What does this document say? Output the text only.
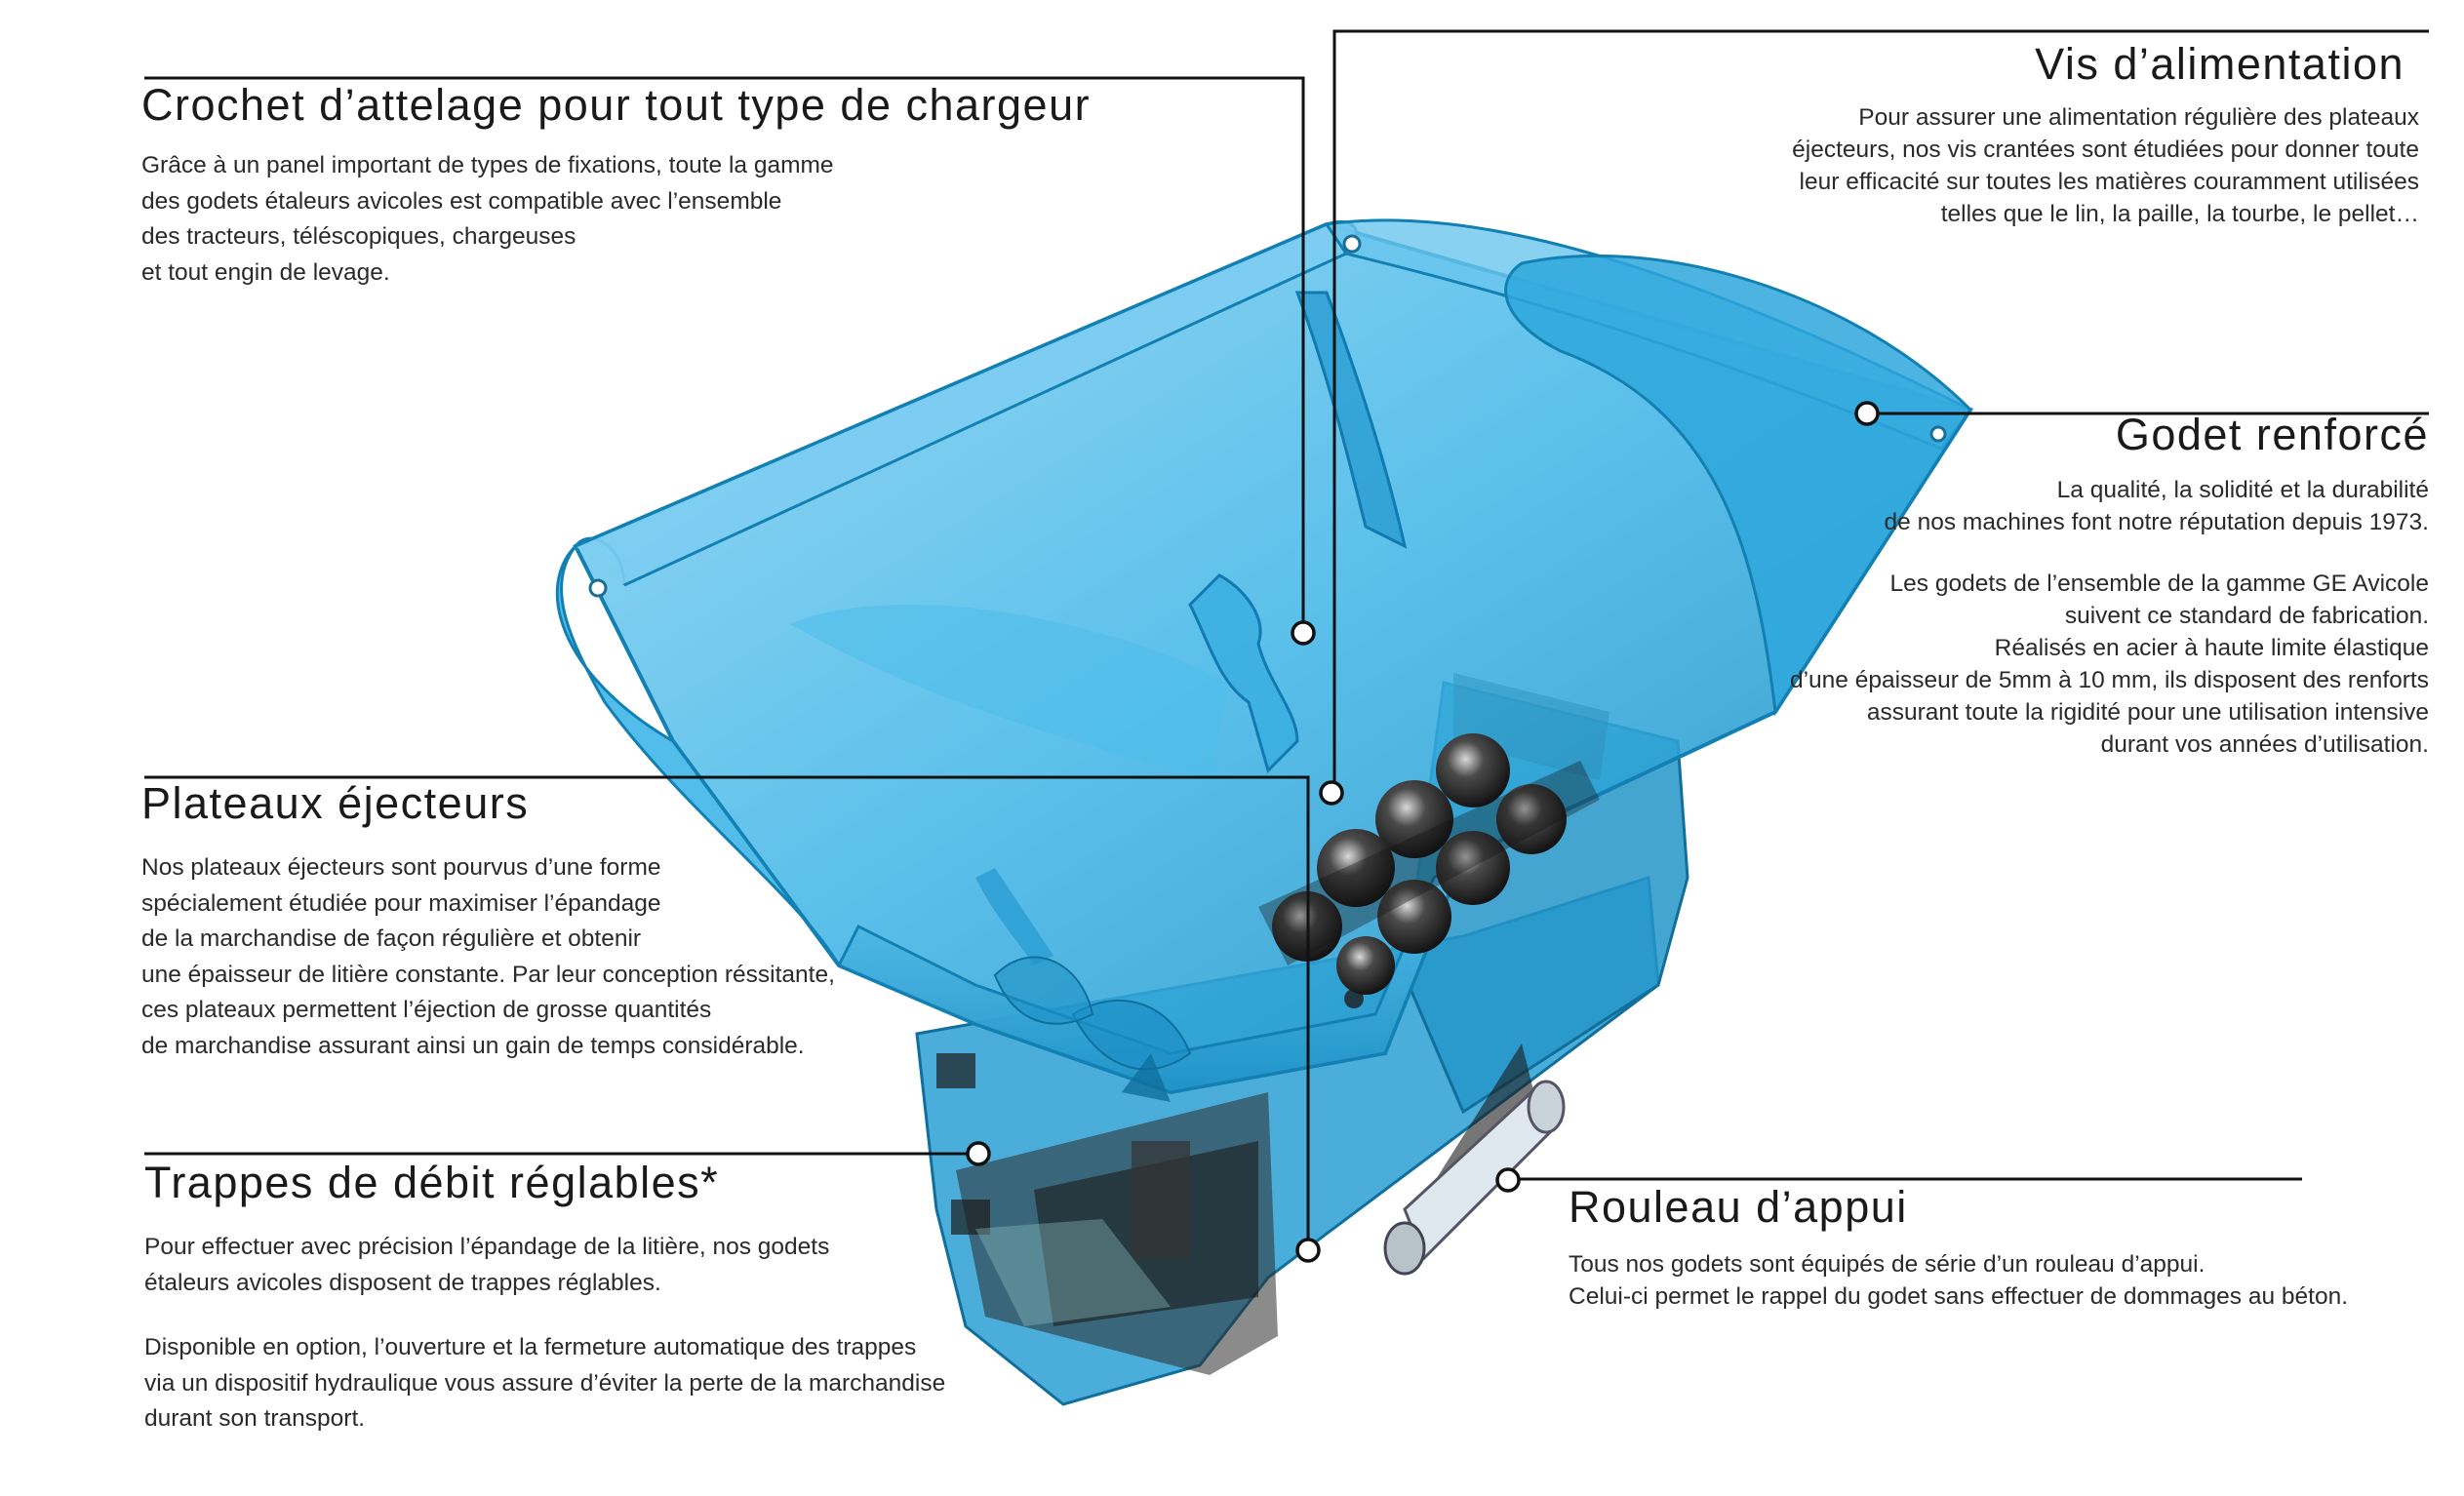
Crochet d’attelage pour tout type de chargeur

Grâce à un panel important de types de fixations, toute la gamme
des godets étaleurs avicoles est compatible avec l’ensemble
des tracteurs, téléscopiques, chargeuses
et tout engin de levage.

Vis d’alimentation

Pour assurer une alimentation régulière des plateaux
éjecteurs, nos vis crantées sont étudiées pour donner toute
leur efficacité sur toutes les matières couramment utilisées
telles que le lin, la paille, la tourbe, le pellet…

Godet renforcé

La qualité, la solidité et la durabilité
de nos machines font notre réputation depuis 1973.

Les godets de l’ensemble de la gamme GE Avicole
suivent ce standard de fabrication.
Réalisés en acier à haute limite élastique
d’une épaisseur de 5mm à 10 mm, ils disposent des renforts
assurant toute la rigidité pour une utilisation intensive
durant vos années d’utilisation.

Plateaux éjecteurs

Nos plateaux éjecteurs sont pourvus d’une forme
spécialement étudiée pour maximiser l’épandage
de la marchandise de façon régulière et obtenir
une épaisseur de litière constante. Par leur conception réssitante,
ces plateaux permettent l’éjection de grosse quantités
de marchandise assurant ainsi un gain de temps considérable.

Trappes de débit réglables*

Pour effectuer avec précision l’épandage de la litière, nos godets
étaleurs avicoles disposent de trappes réglables.

Disponible en option, l’ouverture et la fermeture automatique des trappes
via un dispositif hydraulique vous assure d’éviter la perte de la marchandise
durant son transport.

Rouleau d’appui

Tous nos godets sont équipés de série d’un rouleau d’appui.
Celui-ci permet le rappel du godet sans effectuer de dommages au béton.
